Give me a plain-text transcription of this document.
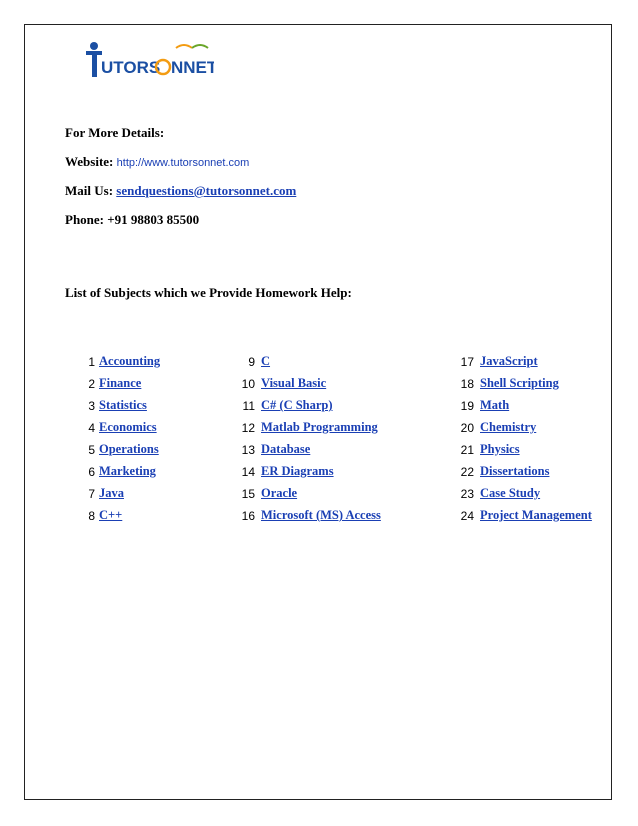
UTORS NNET
For More Details:
Website: http://www.tutorsonnet.com
Mail Us: sendquestions@tutorsonnet.com
Phone: +91 98803 85500
List of Subjects which we Provide Homework Help:
1 Accounting
2 Finance
3 Statistics
4 Economics
5 Operations
6 Marketing
7 Java
8 C++
9 C
10 Visual Basic
11 C# (C Sharp)
12 Matlab Programming
13 Database
14 ER Diagrams
15 Oracle
16 Microsoft (MS) Access
17 JavaScript
18 Shell Scripting
19 Math
20 Chemistry
21 Physics
22 Dissertations
23 Case Study
24 Project Management
